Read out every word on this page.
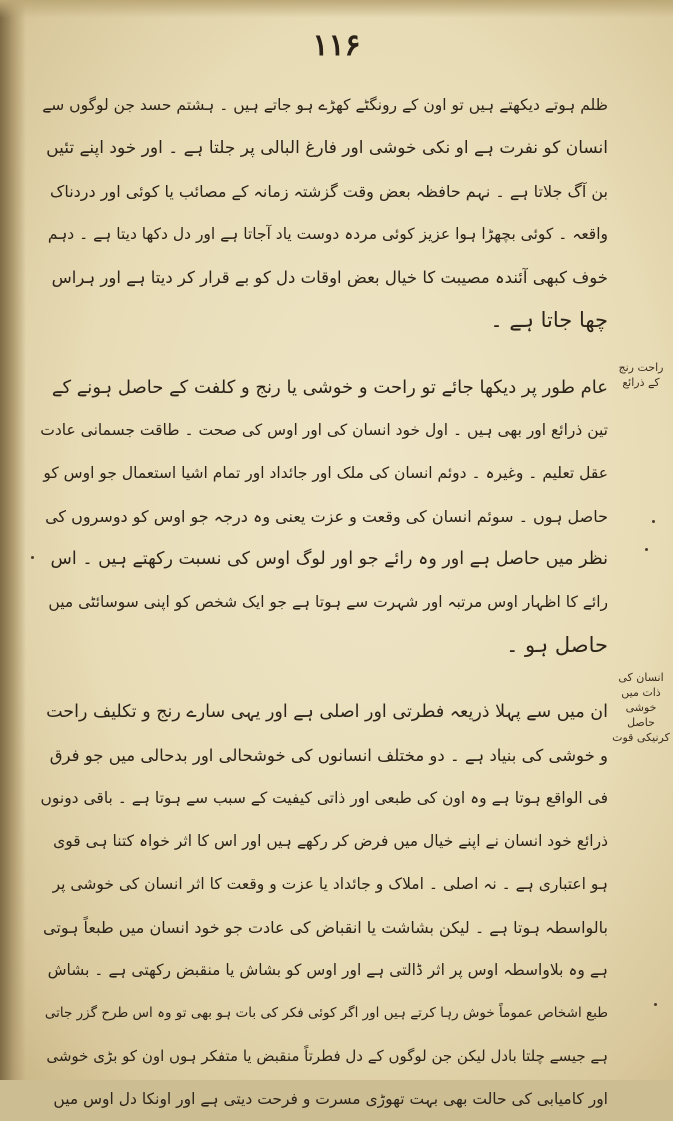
۱۱۶
ظلم ہوتے دیکھتے ہیں تو اون کے رونگٹے کھڑے ہو جاتے ہیں ۔ ہشتم حسد جن لوگوں سے
انسان کو نفرت ہے او نکی خوشی اور فارغ البالی پر جلتا ہے ۔ اور خود اپنے تئیں
بن آگ جلاتا ہے ۔ نہم حافظہ بعض وقت گزشتہ زمانہ کے مصائب یا کوئی اور دردناک
واقعہ ۔ کوئی بچھڑا ہوا عزیز کوئی مردہ دوست یاد آجاتا ہے اور دل دکھا دیتا ہے ۔ دہم
خوف کبھی آئندہ مصیبت کا خیال بعض اوقات دل کو بے قرار کر دیتا ہے اور ہراس
چھا جاتا ہے ۔
عام طور پر دیکھا جائے تو راحت و خوشی یا رنج و کلفت کے حاصل ہونے کے
تین ذرائع اور بھی ہیں ۔ اول خود انسان کی اور اوس کی صحت ۔ طاقت جسمانی عادت
عقل تعلیم ۔ وغیرہ ۔ دوئم انسان کی ملک اور جائداد اور تمام اشیا استعمال جو اوس کو
حاصل ہوں ۔ سوئم انسان کی وقعت و عزت یعنی وہ درجہ جو اوس کو دوسروں کی
نظر میں حاصل ہے اور وہ رائے جو اور لوگ اوس کی نسبت رکھتے ہیں ۔ اس
رائے کا اظہار اوس مرتبہ اور شہرت سے ہوتا ہے جو ایک شخص کو اپنی سوسائٹی میں
حاصل ہو ۔
ان میں سے پہلا ذریعہ فطرتی اور اصلی ہے اور یہی سارے رنج و تکلیف راحت
و خوشی کی بنیاد ہے ۔ دو مختلف انسانوں کی خوشحالی اور بدحالی میں جو فرق
فی الواقع ہوتا ہے وہ اون کی طبعی اور ذاتی کیفیت کے سبب سے ہوتا ہے ۔ باقی دونوں
ذرائع خود انسان نے اپنے خیال میں فرض کر رکھے ہیں اور اس کا اثر خواہ کتنا ہی قوی
ہو اعتباری ہے ۔ نہ اصلی ۔ املاک و جائداد یا عزت و وقعت کا اثر انسان کی خوشی پر
بالواسطہ ہوتا ہے ۔ لیکن بشاشت یا انقباض کی عادت جو خود انسان میں طبعاً ہوتی
ہے وہ بلاواسطہ اوس پر اثر ڈالتی ہے اور اوس کو بشاش یا منقبض رکھتی ہے ۔ بشاش
طبع اشخاص عموماً خوش رہا کرتے ہیں اور اگر کوئی فکر کی بات ہو بھی تو وہ اس طرح گزر جاتی
ہے جیسے چلتا بادل لیکن جن لوگوں کے دل فطرتاً منقبض یا متفکر ہوں اون کو بڑی خوشی
اور کامیابی کی حالت بھی بہت تھوڑی مسرت و فرحت دیتی ہے اور اونکا دل اوس میں
راحت رنج کے ذرائع
انسان کی ذات میں خوشی حاصل کرنیکی قوت
